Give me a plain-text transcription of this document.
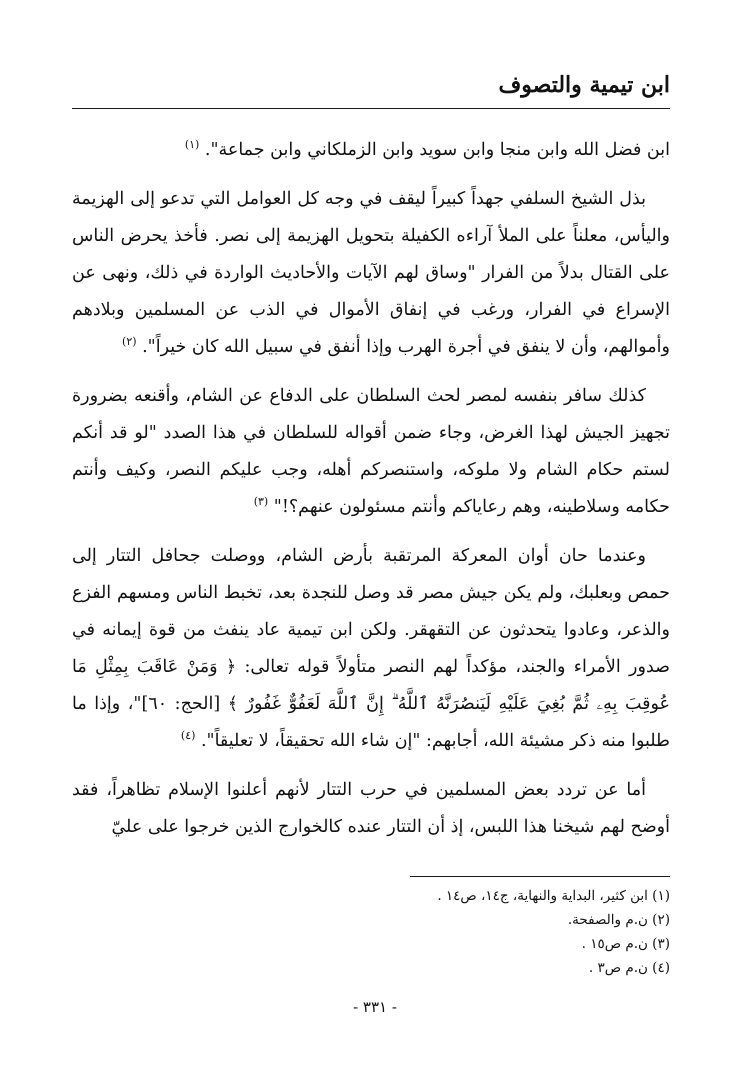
ابن تيمية والتصوف

ابن فضل الله وابن منجا وابن سويد وابن الزملكاني وابن جماعة". $^{(١)}$

بذل الشيخ السلفي جهداً كبيراً ليقف في وجه كل العوامل التي تدعو إلى الهزيمة واليأس، معلناً على الملأ آراءه الكفيلة بتحويل الهزيمة إلى نصر. فأخذ يحرض الناس على القتال بدلاً من الفرار "وساق لهم الآيات والأحاديث الواردة في ذلك، ونهى عن الإسراع في الفرار، ورغب في إنفاق الأموال في الذب عن المسلمين وبلادهم وأموالهم، وأن لا ينفق في أجرة الهرب وإذا أنفق في سبيل الله كان خيراً". $^{(٢)}$

كذلك سافر بنفسه لمصر لحث السلطان على الدفاع عن الشام، وأقنعه بضرورة تجهيز الجيش لهذا الغرض، وجاء ضمن أقواله للسلطان في هذا الصدد "لو قد أنكم لستم حكام الشام ولا ملوكه، واستنصركم أهله، وجب عليكم النصر، وكيف وأنتم حكامه وسلاطينه، وهم رعاياكم وأنتم مسئولون عنهم؟!" $^{(٣)}$

وعندما حان أوان المعركة المرتقبة بأرض الشام، ووصلت جحافل التتار إلى حمص وبعلبك، ولم يكن جيش مصر قد وصل للنجدة بعد، تخبط الناس ومسهم الفزع والذعر، وعادوا يتحدثون عن التقهقر. ولكن ابن تيمية عاد ينفث من قوة إيمانه في صدور الأمراء والجند، مؤكداً لهم النصر متأولاً قوله تعالى: ﴿ وَمَنْ عَاقَبَ بِمِثْلِ مَا عُوقِبَ بِهِۦ ثُمَّ بُغِيَ عَلَيْهِ لَيَنصُرَنَّهُ ٱللَّهُ ۗ إِنَّ ٱللَّهَ لَعَفُوٌّ غَفُورٌ ﴾ [الحج: ٦٠]"، وإذا ما طلبوا منه ذكر مشيئة الله، أجابهم: "إن شاء الله تحقيقاً، لا تعليقاً". $^{(٤)}$

أما عن تردد بعض المسلمين في حرب التتار لأنهم أعلنوا الإسلام تظاهراً، فقد أوضح لهم شيخنا هذا اللبس، إذ أن التتار عنده كالخوارج الذين خرجوا على عليّ

(١) ابن كثير، البداية والنهاية، ج١٤، ص١٤ .

(٢) ن.م والصفحة.

(٣) ن.م ص١٥ .

(٤) ن.م ص٣ .

- ٣٣١ -
